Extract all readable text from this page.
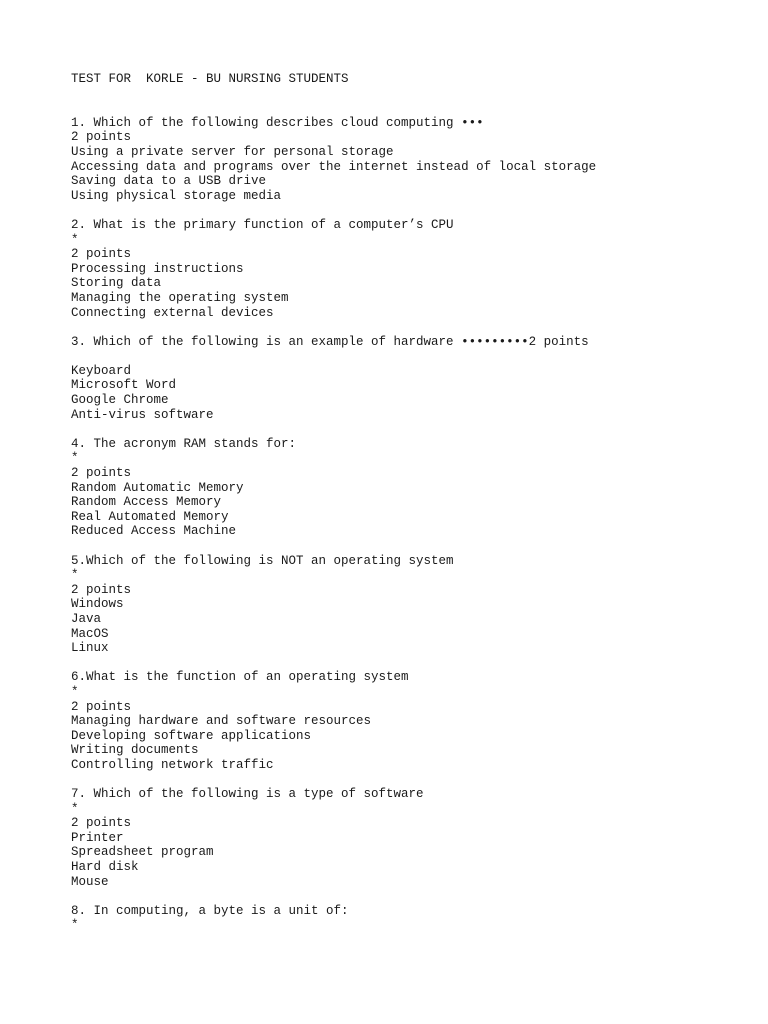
TEST FOR  KORLE - BU NURSING STUDENTS
1. Which of the following describes cloud computing •••
2 points
Using a private server for personal storage
Accessing data and programs over the internet instead of local storage
Saving data to a USB drive
Using physical storage media
2. What is the primary function of a computer’s CPU
*
2 points
Processing instructions
Storing data
Managing the operating system
Connecting external devices
3. Which of the following is an example of hardware •••••••••2 points
Keyboard
Microsoft Word
Google Chrome
Anti-virus software
4. The acronym RAM stands for:
*
2 points
Random Automatic Memory
Random Access Memory
Real Automated Memory
Reduced Access Machine
5.Which of the following is NOT an operating system
*
2 points
Windows
Java
MacOS
Linux
6.What is the function of an operating system
*
2 points
Managing hardware and software resources
Developing software applications
Writing documents
Controlling network traffic
7. Which of the following is a type of software
*
2 points
Printer
Spreadsheet program
Hard disk
Mouse
8. In computing, a byte is a unit of:
*
